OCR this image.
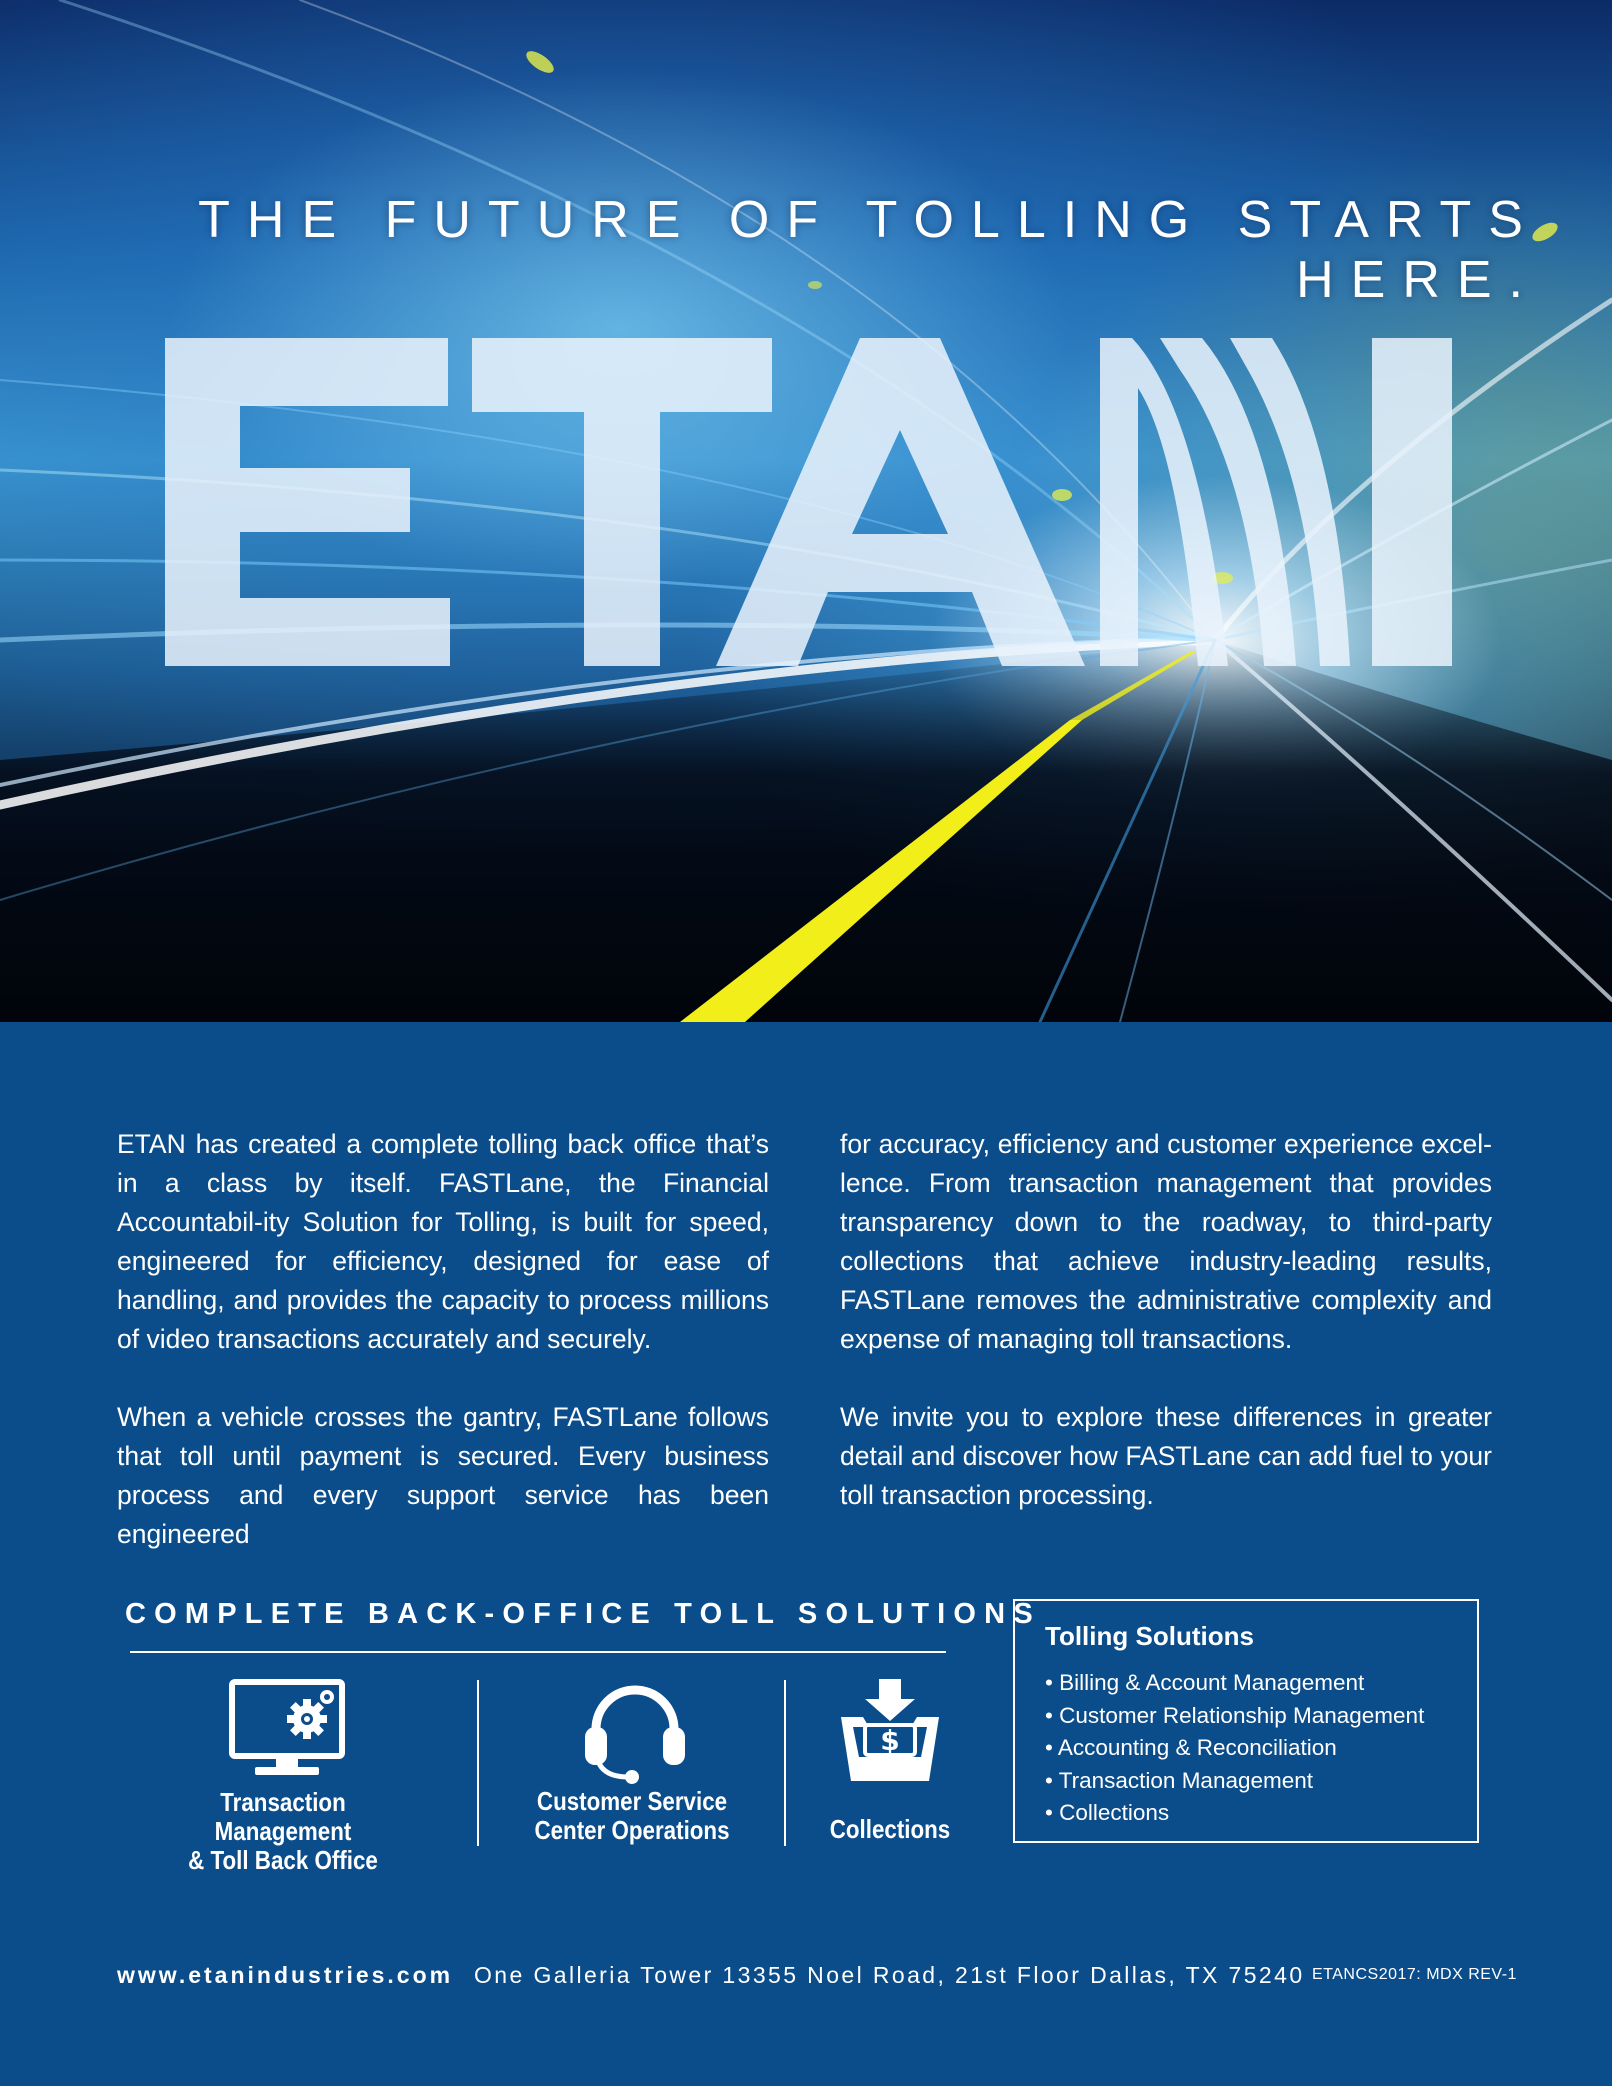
THE FUTURE OF TOLLING STARTS HERE.

ETAN has created a complete tolling back office that’s in a class by itself. FASTLane, the Financial Accountabil-ity Solution for Tolling, is built for speed, engineered for efficiency, designed for ease of handling, and provides the capacity to process millions of video transactions accurately and securely.

When a vehicle crosses the gantry, FASTLane follows that toll until payment is secured. Every business process and every support service has been engineered

for accuracy, efficiency and customer experience excel-lence. From transaction management that provides transparency down to the roadway, to third-party collections that achieve industry-leading results, FASTLane removes the administrative complexity and expense of managing toll transactions.

We invite you to explore these differences in greater detail and discover how FASTLane can add fuel to your toll transaction processing.

COMPLETE BACK-OFFICE TOLL SOLUTIONS
Transaction Management
& Toll Back Office
Customer Service
Center Operations
$
Collections
Tolling Solutions
• Billing & Account Management
• Customer Relationship Management
• Accounting & Reconciliation
• Transaction Management
• Collections
www.etanindustries.com One Galleria Tower 13355 Noel Road, 21st Floor Dallas, TX 75240 ETANCS2017: MDX REV-1
